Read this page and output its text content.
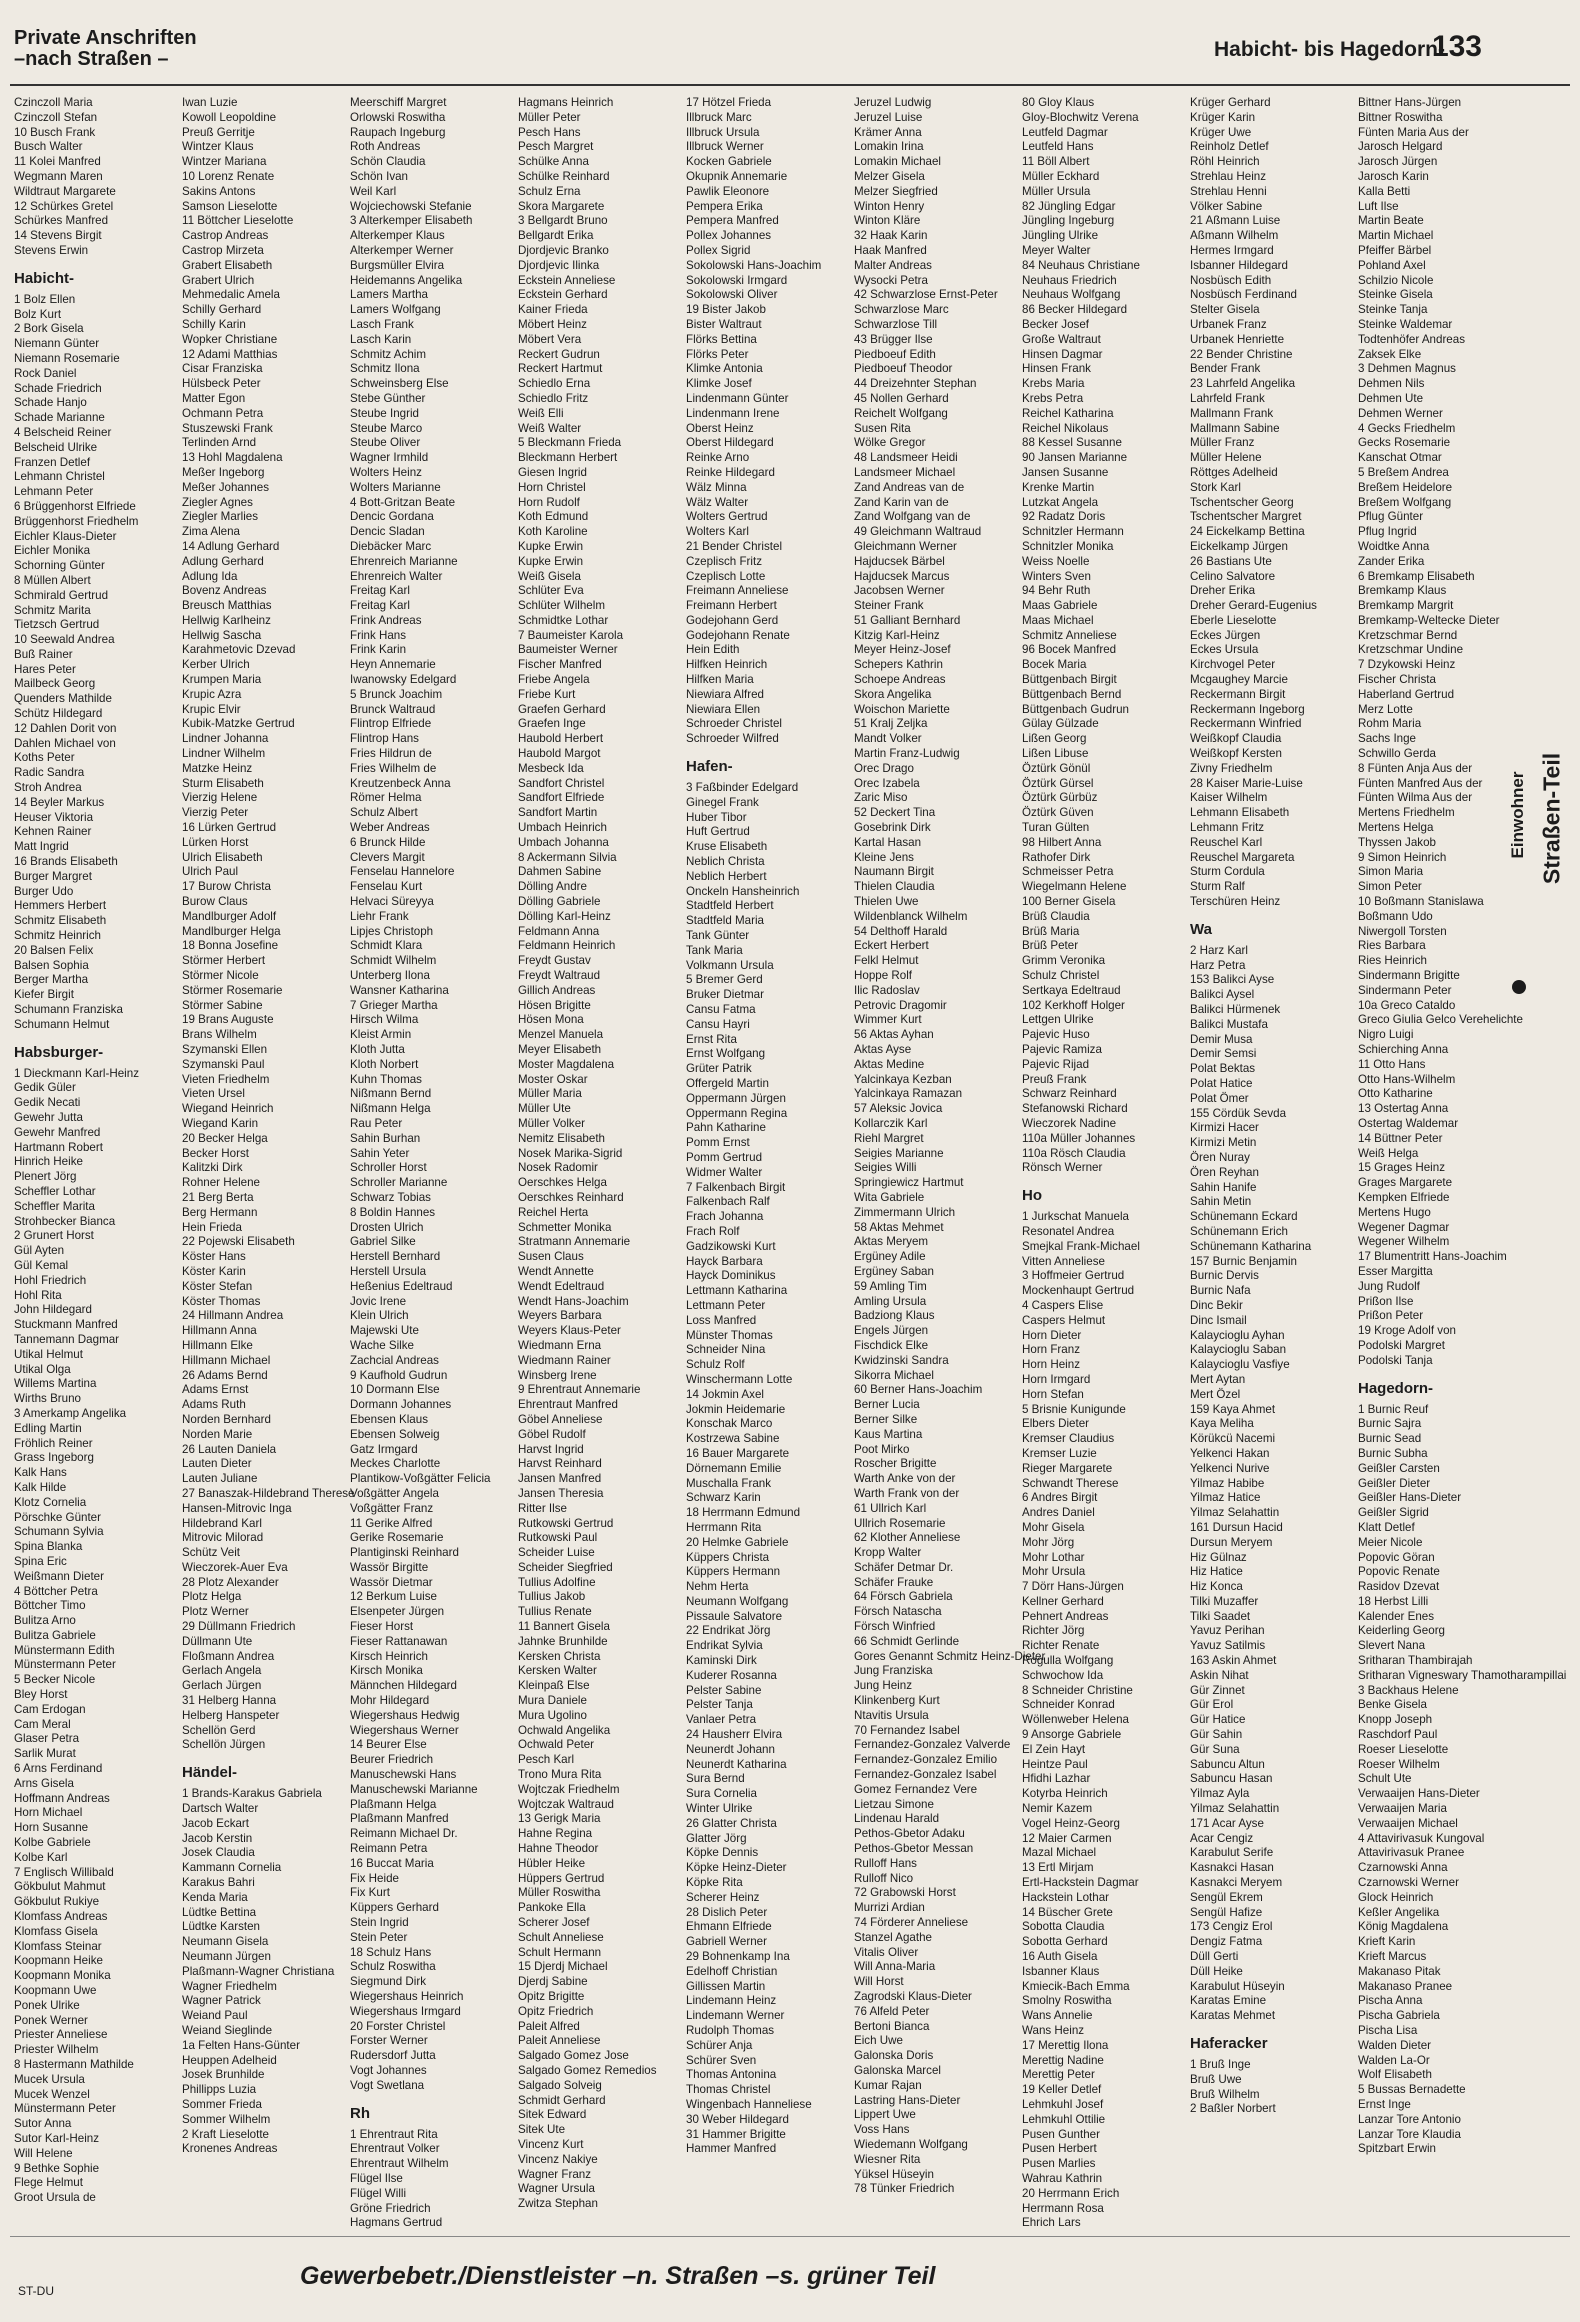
Private Anschriften
–nach Straßen –	Habicht- bis Hagedorn-
133
Czinczoll Maria
Czinczoll Stefan
10 Busch Frank
Busch Walter
11 Kolei Manfred
Wegmann Maren
Wildtraut Margarete
12 Schürkes Gretel
Schürkes Manfred
14 Stevens Birgit
Stevens Erwin
Habicht-
1 Bolz Ellen
Bolz Kurt
2 Bork Gisela
Niemann Günter
Niemann Rosemarie
Rock Daniel
Schade Friedrich
Schade Hanjo
Schade Marianne
4 Belscheid Reiner
Belscheid Ulrike
Franzen Detlef
Lehmann Christel
Lehmann Peter
6 Brüggenhorst Elfriede
Brüggenhorst Friedhelm
Eichler Klaus-Dieter
Eichler Monika
Schorning Günter
8 Müllen Albert
Schmirald Gertrud
Schmitz Marita
Tietzsch Gertrud
10 Seewald Andrea
Buß Rainer
Hares Peter
Mailbeck Georg
Quenders Mathilde
Schütz Hildegard
12 Dahlen Dorit von
Dahlen Michael von
Koths Peter
Radic Sandra
Stroh Andrea
14 Beyler Markus
Heuser Viktoria
Kehnen Rainer
Matt Ingrid
16 Brands Elisabeth
Burger Margret
Burger Udo
Hemmers Herbert
Schmitz Elisabeth
Schmitz Heinrich
20 Balsen Felix
Balsen Sophia
Berger Martha
Kiefer Birgit
Schumann Franziska
Schumann Helmut
Habsburger-
1 Dieckmann Karl-Heinz
Gedik Güler
Gedik Necati
Gewehr Jutta
Gewehr Manfred
Hartmann Robert
Hinrich Heike
Plenert Jörg
Scheffler Lothar
Scheffler Marita
Strohbecker Bianca
2 Grunert Horst
Gül Ayten
Gül Kemal
Hohl Friedrich
Hohl Rita
John Hildegard
Stuckmann Manfred
Tannemann Dagmar
Utikal Helmut
Utikal Olga
Willems Martina
Wirths Bruno
3 Amerkamp Angelika
Edling Martin
Fröhlich Reiner
Grass Ingeborg
Kalk Hans
Kalk Hilde
Klotz Cornelia
Pörschke Günter
Schumann Sylvia
Spina Blanka
Spina Eric
Weißmann Dieter
4 Böttcher Petra
Böttcher Timo
Bulitza Arno
Bulitza Gabriele
Münstermann Edith
Münstermann Peter
5 Becker Nicole
Bley Horst
Cam Erdogan
Cam Meral
Glaser Petra
Sarlik Murat
6 Arns Ferdinand
Arns Gisela
Hoffmann Andreas
Horn Michael
Horn Susanne
Kolbe Gabriele
Kolbe Karl
7 Englisch Willibald
Gökbulut Mahmut
Gökbulut Rukiye
Klomfass Andreas
Klomfass Gisela
Klomfass Steinar
Koopmann Heike
Koopmann Monika
Koopmann Uwe
Ponek Ulrike
Ponek Werner
Priester Anneliese
Priester Wilhelm
8 Hastermann Mathilde
Mucek Ursula
Mucek Wenzel
Münstermann Peter
Sutor Anna
Sutor Karl-Heinz
Will Helene
9 Bethke Sophie
Flege Helmut
Groot Ursula de
Iwan Luzie
Kowoll Leopoldine
Preuß Gerritje
Wintzer Klaus
Wintzer Mariana
10 Lorenz Renate
Sakins Antons
Samson Lieselotte
11 Böttcher Lieselotte
Castrop Andreas
Castrop Mirzeta
Grabert Elisabeth
Grabert Ulrich
Mehmedalic Amela
Schilly Gerhard
Schilly Karin
Wopker Christiane
12 Adami Matthias
Cisar Franziska
Hülsbeck Peter
Matter Egon
Ochmann Petra
Stuszewski Frank
Terlinden Arnd
13 Hohl Magdalena
Meßer Ingeborg
Meßer Johannes
Ziegler Agnes
Ziegler Marlies
Zima Alena
14 Adlung Gerhard
Adlung Gerhard
Adlung Ida
Bovenz Andreas
Breusch Matthias
Hellwig Karlheinz
Hellwig Sascha
Karahmetovic Dzevad
Kerber Ulrich
Krumpen Maria
Krupic Azra
Krupic Elvir
Kubik-Matzke Gertrud
Lindner Johanna
Lindner Wilhelm
Matzke Heinz
Sturm Elisabeth
Vierzig Helene
Vierzig Peter
16 Lürken Gertrud
Lürken Horst
Ulrich Elisabeth
Ulrich Paul
17 Burow Christa
Burow Claus
Mandlburger Adolf
Mandlburger Helga
18 Bonna Josefine
Störmer Herbert
Störmer Nicole
Störmer Rosemarie
Störmer Sabine
19 Brans Auguste
Brans Wilhelm
Szymanski Ellen
Szymanski Paul
Vieten Friedhelm
Vieten Ursel
Wiegand Heinrich
Wiegand Karin
20 Becker Helga
Becker Horst
Kalitzki Dirk
Rohner Helene
21 Berg Berta
Berg Hermann
Hein Frieda
22 Pojewski Elisabeth
Köster Hans
Köster Karin
Köster Stefan
Köster Thomas
24 Hillmann Andrea
Hillmann Anna
Hillmann Elke
Hillmann Michael
26 Adams Bernd
Adams Ernst
Adams Ruth
Norden Bernhard
Norden Marie
26 Lauten Daniela
Lauten Dieter
Lauten Juliane
27 Banaszak-Hildebrand Therese
Hansen-Mitrovic Inga
Hildebrand Karl
Mitrovic Milorad
Schütz Veit
Wieczorek-Auer Eva
28 Plotz Alexander
Plotz Helga
Plotz Werner
29 Düllmann Friedrich
Düllmann Ute
Floßmann Andrea
Gerlach Angela
Gerlach Jürgen
31 Helberg Hanna
Helberg Hanspeter
Schellön Gerd
Schellön Jürgen
Händel-
1 Brands-Karakus Gabriela
Dartsch Walter
Jacob Eckart
Jacob Kerstin
Josek Claudia
Kammann Cornelia
Karakus Bahri
Kenda Maria
Lüdtke Bettina
Lüdtke Karsten
Neumann Gisela
Neumann Jürgen
Plaßmann-Wagner Christiana
Wagner Friedhelm
Wagner Patrick
Weiand Paul
Weiand Sieglinde
1a Felten Hans-Günter
Heuppen Adelheid
Josek Brunhilde
Phillipps Luzia
Sommer Frieda
Sommer Wilhelm
2 Kraft Lieselotte
Kronenes Andreas
Meerschiff Margret
Orlowski Roswitha
Raupach Ingeburg
Roth Andreas
Schön Claudia
Schön Ivan
Weil Karl
Wojciechowski Stefanie
3 Alterkemper Elisabeth
Alterkemper Klaus
Alterkemper Werner
Burgsmüller Elvira
Heidemanns Angelika
Lamers Martha
Lamers Wolfgang
Lasch Frank
Lasch Karin
Schmitz Achim
Schmitz Ilona
Schweinsberg Else
Stebe Günther
Steube Ingrid
Steube Marco
Steube Oliver
Wagner Irmhild
Wolters Heinz
Wolters Marianne
4 Bott-Gritzan Beate
Dencic Gordana
Dencic Sladan
Diebäcker Marc
Ehrenreich Marianne
Ehrenreich Walter
Freitag Karl
Freitag Karl
Frink Andreas
Frink Hans
Frink Karin
Heyn Annemarie
Iwanowsky Edelgard
5 Brunck Joachim
Brunck Waltraud
Flintrop Elfriede
Flintrop Hans
Fries Hildrun de
Fries Wilhelm de
Kreutzenbeck Anna
Römer Helma
Schulz Albert
Weber Andreas
6 Brunck Hilde
Clevers Margit
Fenselau Hannelore
Fenselau Kurt
Helvaci Süreyya
Liehr Frank
Lipjes Christoph
Schmidt Klara
Schmidt Wilhelm
Unterberg Ilona
Wansner Katharina
7 Grieger Martha
Hirsch Wilma
Kleist Armin
Kloth Jutta
Kloth Norbert
Kuhn Thomas
Nißmann Bernd
Nißmann Helga
Rau Peter
Sahin Burhan
Sahin Yeter
Schroller Horst
Schroller Marianne
Schwarz Tobias
8 Boldin Hannes
Drosten Ulrich
Gabriel Silke
Herstell Bernhard
Herstell Ursula
Heßenius Edeltraud
Jovic Irene
Klein Ulrich
Majewski Ute
Wache Silke
Zachcial Andreas
9 Kaufhold Gudrun
10 Dormann Else
Dormann Johannes
Ebensen Klaus
Ebensen Solweig
Gatz Irmgard
Meckes Charlotte
Plantikow-Voßgätter Felicia
Voßgätter Angela
Voßgätter Franz
11 Gerike Alfred
Gerike Rosemarie
Plantiginski Reinhard
Wassör Birgitte
Wassör Dietmar
12 Berkum Luise
Elsenpeter Jürgen
Fieser Horst
Fieser Rattanawan
Kirsch Heinrich
Kirsch Monika
Männchen Hildegard
Mohr Hildegard
Wiegershaus Hedwig
Wiegershaus Werner
14 Beurer Else
Beurer Friedrich
Manuschewski Hans
Manuschewski Marianne
Plaßmann Helga
Plaßmann Manfred
Reimann Michael Dr.
Reimann Petra
16 Buccat Maria
Fix Heide
Fix Kurt
Küppers Gerhard
Stein Ingrid
Stein Peter
18 Schulz Hans
Schulz Roswitha
Siegmund Dirk
Wiegershaus Heinrich
Wiegershaus Irmgard
20 Forster Christel
Forster Werner
Rudersdorf Jutta
Vogt Johannes
Vogt Swetlana
Rh
1 Ehrentraut Rita
Ehrentraut Volker
Ehrentraut Wilhelm
Flügel Ilse
Flügel Willi
Gröne Friedrich
Hagmans Gertrud
Hagmans Heinrich
Müller Peter
Pesch Hans
Pesch Margret
Schülke Anna
Schülke Reinhard
Schulz Erna
Skora Margarete
3 Bellgardt Bruno
Bellgardt Erika
Djordjevic Branko
Djordjevic Ilinka
Eckstein Anneliese
Eckstein Gerhard
Kainer Frieda
Möbert Heinz
Möbert Vera
Reckert Gudrun
Reckert Hartmut
Schiedlo Erna
Schiedlo Fritz
Weiß Elli
Weiß Walter
5 Bleckmann Frieda
Bleckmann Herbert
Giesen Ingrid
Horn Christel
Horn Rudolf
Koth Edmund
Koth Karoline
Kupke Erwin
Kupke Erwin
Weiß Gisela
Schlüter Eva
Schlüter Wilhelm
Schmidtke Lothar
7 Baumeister Karola
Baumeister Werner
Fischer Manfred
Friebe Angela
Friebe Kurt
Graefen Gerhard
Graefen Inge
Haubold Herbert
Haubold Margot
Mesbeck Ida
Sandfort Christel
Sandfort Elfriede
Sandfort Martin
Umbach Heinrich
Umbach Johanna
8 Ackermann Silvia
Dahmen Sabine
Dölling Andre
Dölling Gabriele
Dölling Karl-Heinz
Feldmann Anna
Feldmann Heinrich
Freydt Gustav
Freydt Waltraud
Gillich Andreas
Hösen Brigitte
Hösen Mona
Menzel Manuela
Meyer Elisabeth
Moster Magdalena
Moster Oskar
Müller Maria
Müller Ute
Müller Volker
Nemitz Elisabeth
Nosek Marika-Sigrid
Nosek Radomir
Oerschkes Helga
Oerschkes Reinhard
Reichel Herta
Schmetter Monika
Stratmann Annemarie
Susen Claus
Wendt Annette
Wendt Edeltraud
Wendt Hans-Joachim
Weyers Barbara
Weyers Klaus-Peter
Wiedmann Erna
Wiedmann Rainer
Winsberg Irene
9 Ehrentraut Annemarie
Ehrentraut Manfred
Göbel Anneliese
Göbel Rudolf
Harvst Ingrid
Harvst Reinhard
Jansen Manfred
Jansen Theresia
Ritter Ilse
Rutkowski Gertrud
Rutkowski Paul
Scheider Luise
Scheider Siegfried
Tullius Adolfine
Tullius Jakob
Tullius Renate
11 Bannert Gisela
Jahnke Brunhilde
Kersken Christa
Kersken Walter
Kleinpaß Else
Mura Daniele
Mura Ugolino
Ochwald Angelika
Ochwald Peter
Pesch Karl
Trono Mura Rita
Wojtczak Friedhelm
Wojtczak Waltraud
13 Gerigk Maria
Hahne Regina
Hahne Theodor
Hübler Heike
Hüppers Gertrud
Müller Roswitha
Pankoke Ella
Scherer Josef
Schult Anneliese
Schult Hermann
15 Djerdj Michael
Djerdj Sabine
Opitz Brigitte
Opitz Friedrich
Paleit Alfred
Paleit Anneliese
Salgado Gomez Jose
Salgado Gomez Remedios
Salgado Solveig
Schmidt Gerhard
Sitek Edward
Sitek Ute
Vincenz Kurt
Vincenz Nakiye
Wagner Franz
Wagner Ursula
Zwitza Stephan
17 Hötzel Frieda
Illbruck Marc
Illbruck Ursula
Illbruck Werner
Kocken Gabriele
Okupnik Annemarie
Pawlik Eleonore
Pempera Erika
Pempera Manfred
Pollex Johannes
Pollex Sigrid
Sokolowski Hans-Joachim
Sokolowski Irmgard
Sokolowski Oliver
19 Bister Jakob
Bister Waltraut
Flörks Bettina
Flörks Peter
Klimke Antonia
Klimke Josef
Lindenmann Günter
Lindenmann Irene
Oberst Heinz
Oberst Hildegard
Reinke Arno
Reinke Hildegard
Wälz Minna
Wälz Walter
Wolters Gertrud
Wolters Karl
21 Bender Christel
Czeplisch Fritz
Czeplisch Lotte
Freimann Anneliese
Freimann Herbert
Godejohann Gerd
Godejohann Renate
Hein Edith
Hilfken Heinrich
Hilfken Maria
Niewiara Alfred
Niewiara Ellen
Schroeder Christel
Schroeder Wilfred
Hafen-
3 Faßbinder Edelgard
Ginegel Frank
Huber Tibor
Huft Gertrud
Kruse Elisabeth
Neblich Christa
Neblich Herbert
Onckeln Hansheinrich
Stadtfeld Herbert
Stadtfeld Maria
Tank Günter
Tank Maria
Volkmann Ursula
5 Bremer Gerd
Bruker Dietmar
Cansu Fatma
Cansu Hayri
Ernst Rita
Ernst Wolfgang
Grüter Patrik
Offergeld Martin
Oppermann Jürgen
Oppermann Regina
Pahn Katharine
Pomm Ernst
Pomm Gertrud
Widmer Walter
7 Falkenbach Birgit
Falkenbach Ralf
Frach Johanna
Frach Rolf
Gadzikowski Kurt
Hayck Barbara
Hayck Dominikus
Lettmann Katharina
Lettmann Peter
Loss Manfred
Münster Thomas
Schneider Nina
Schulz Rolf
Winschermann Lotte
14 Jokmin Axel
Jokmin Heidemarie
Konschak Marco
Kostrzewa Sabine
16 Bauer Margarete
Dörnemann Emilie
Muschalla Frank
Schwarz Karin
18 Herrmann Edmund
Herrmann Rita
20 Helmke Gabriele
Küppers Christa
Küppers Hermann
Nehm Herta
Neumann Wolfgang
Pissaule Salvatore
22 Endrikat Jörg
Endrikat Sylvia
Kaminski Dirk
Kuderer Rosanna
Pelster Sabine
Pelster Tanja
Vanlaer Petra
24 Hausherr Elvira
Neunerdt Johann
Neunerdt Katharina
Sura Bernd
Sura Cornelia
Winter Ulrike
26 Glatter Christa
Glatter Jörg
Köpke Dennis
Köpke Heinz-Dieter
Köpke Rita
Scherer Heinz
28 Dislich Peter
Ehmann Elfriede
Gabriell Werner
29 Bohnenkamp Ina
Edelhoff Christian
Gillissen Martin
Lindemann Heinz
Lindemann Werner
Rudolph Thomas
Schürer Anja
Schürer Sven
Thomas Antonina
Thomas Christel
Wingenbach Hanneliese
30 Weber Hildegard
31 Hammer Brigitte
Hammer Manfred
Jeruzel Ludwig
Jeruzel Luise
Krämer Anna
Lomakin Irina
Lomakin Michael
Melzer Gisela
Melzer Siegfried
Winton Henry
Winton Kläre
32 Haak Karin
Haak Manfred
Malter Andreas
Wysocki Petra
42 Schwarzlose Ernst-Peter
Schwarzlose Marc
Schwarzlose Till
43 Brügger Ilse
Piedboeuf Edith
Piedboeuf Theodor
44 Dreizehnter Stephan
45 Nollen Gerhard
Reichelt Wolfgang
Susen Rita
Wölke Gregor
48 Landsmeer Heidi
Landsmeer Michael
Zand Andreas van de
Zand Karin van de
Zand Wolfgang van de
49 Gleichmann Waltraud
Gleichmann Werner
Hajducsek Bärbel
Hajducsek Marcus
Jacobsen Werner
Steiner Frank
51 Galliant Bernhard
Kitzig Karl-Heinz
Meyer Heinz-Josef
Schepers Kathrin
Schoepe Andreas
Skora Angelika
Woischon Mariette
51 Kralj Zeljka
Mandt Volker
Martin Franz-Ludwig
Orec Drago
Orec Izabela
Zaric Miso
52 Deckert Tina
Gosebrink Dirk
Kartal Hasan
Kleine Jens
Naumann Birgit
Thielen Claudia
Thielen Uwe
Wildenblanck Wilhelm
54 Delthoff Harald
Eckert Herbert
Felkl Helmut
Hoppe Rolf
Ilic Radoslav
Petrovic Dragomir
Wimmer Kurt
56 Aktas Ayhan
Aktas Ayse
Aktas Medine
Yalcinkaya Kezban
Yalcinkaya Ramazan
57 Aleksic Jovica
Kollarczik Karl
Riehl Margret
Seigies Marianne
Seigies Willi
Springiewicz Hartmut
Wita Gabriele
Zimmermann Ulrich
58 Aktas Mehmet
Aktas Meryem
Ergüney Adile
Ergüney Saban
59 Amling Tim
Amling Ursula
Badziong Klaus
Engels Jürgen
Fischdick Elke
Kwidzinski Sandra
Sikorra Michael
60 Berner Hans-Joachim
Berner Lucia
Berner Silke
Kaus Martina
Poot Mirko
Roscher Brigitte
Warth Anke von der
Warth Frank von der
61 Ullrich Karl
Ullrich Rosemarie
62 Klother Anneliese
Kropp Walter
Schäfer Detmar Dr.
Schäfer Frauke
64 Försch Gabriela
Försch Natascha
Försch Winfried
66 Schmidt Gerlinde
Gores Genannt Schmitz Heinz-Dieter
Jung Franziska
Jung Heinz
Klinkenberg Kurt
Ntavitis Ursula
70 Fernandez Isabel
Fernandez-Gonzalez Valverde
Fernandez-Gonzalez Emilio
Fernandez-Gonzalez Isabel
Gomez Fernandez Vere
Lietzau Simone
Lindenau Harald
Pethos-Gbetor Adaku
Pethos-Gbetor Messan
Rulloff Hans
Rulloff Nico
72 Grabowski Horst
Murrizi Ardian
74 Förderer Anneliese
Stanzel Agathe
Vitalis Oliver
Will Anna-Maria
Will Horst
Zagrodski Klaus-Dieter
76 Alfeld Peter
Bertoni Bianca
Eich Uwe
Galonska Doris
Galonska Marcel
Kumar Rajan
Lastring Hans-Dieter
Lippert Uwe
Voss Hans
Wiedemann Wolfgang
Wiesner Rita
Yüksel Hüseyin
78 Tünker Friedrich
80 Gloy Klaus
Gloy-Blochwitz Verena
Leutfeld Dagmar
Leutfeld Hans
11 Böll Albert
Müller Eckhard
Müller Ursula
82 Jüngling Edgar
Jüngling Ingeburg
Jüngling Ulrike
Meyer Walter
84 Neuhaus Christiane
Neuhaus Friedrich
Neuhaus Wolfgang
86 Becker Hildegard
Becker Josef
Große Waltraut
Hinsen Dagmar
Hinsen Frank
Krebs Maria
Krebs Petra
Reichel Katharina
Reichel Nikolaus
88 Kessel Susanne
90 Jansen Marianne
Jansen Susanne
Krenke Martin
Lutzkat Angela
92 Radatz Doris
Schnitzler Hermann
Schnitzler Monika
Weiss Noelle
Winters Sven
94 Behr Ruth
Maas Gabriele
Maas Michael
Schmitz Anneliese
96 Bocek Manfred
Bocek Maria
Büttgenbach Birgit
Büttgenbach Bernd
Büttgenbach Gudrun
Gülay Gülzade
Lißen Georg
Lißen Libuse
Öztürk Gönül
Öztürk Gürsel
Öztürk Gürbüz
Öztürk Güven
Turan Gülten
98 Hilbert Anna
Rathofer Dirk
Schmeisser Petra
Wiegelmann Helene
100 Berner Gisela
Brüß Claudia
Brüß Maria
Brüß Peter
Grimm Veronika
Schulz Christel
Sertkaya Edeltraud
102 Kerkhoff Holger
Lettgen Ulrike
Pajevic Huso
Pajevic Ramiza
Pajevic Rijad
Preuß Frank
Schwarz Reinhard
Stefanowski Richard
Wieczorek Nadine
110a Müller Johannes
110a Rösch Claudia
Rönsch Werner
Ho
1 Jurkschat Manuela
Resonatel Andrea
Smejkal Frank-Michael
Vitten Anneliese
3 Hoffmeier Gertrud
Mockenhaupt Gertrud
4 Caspers Elise
Caspers Helmut
Horn Dieter
Horn Franz
Horn Heinz
Horn Irmgard
Horn Stefan
5 Brisnie Kunigunde
Elbers Dieter
Kremser Claudius
Kremser Luzie
Rieger Margarete
Schwandt Therese
6 Andres Birgit
Andres Daniel
Mohr Gisela
Mohr Jörg
Mohr Lothar
Mohr Ursula
7 Dörr Hans-Jürgen
Kellner Gerhard
Pehnert Andreas
Richter Jörg
Richter Renate
Rogulla Wolfgang
Schwochow Ida
8 Schneider Christine
Schneider Konrad
Wöllenweber Helena
9 Ansorge Gabriele
El Zein Hayt
Heintze Paul
Hfidhi Lazhar
Kotyrba Heinrich
Nemir Kazem
Vogel Heinz-Georg
12 Maier Carmen
Mazal Michael
13 Ertl Mirjam
Ertl-Hackstein Dagmar
Hackstein Lothar
14 Büscher Grete
Sobotta Claudia
Sobotta Gerhard
16 Auth Gisela
Isbanner Klaus
Kmiecik-Bach Emma
Smolny Roswitha
Wans Annelie
Wans Heinz
17 Merettig Ilona
Merettig Nadine
Merettig Peter
19 Keller Detlef
Lehmkuhl Josef
Lehmkuhl Ottilie
Pusen Gunther
Pusen Herbert
Pusen Marlies
Wahrau Kathrin
20 Herrmann Erich
Herrmann Rosa
Ehrich Lars
Krüger Gerhard
Krüger Karin
Krüger Uwe
Reinholz Detlef
Röhl Heinrich
Strehlau Heinz
Strehlau Henni
Völker Sabine
21 Aßmann Luise
Aßmann Wilhelm
Hermes Irmgard
Isbanner Hildegard
Nosbüsch Edith
Nosbüsch Ferdinand
Stelter Gisela
Urbanek Franz
Urbanek Henriette
22 Bender Christine
Bender Frank
23 Lahrfeld Angelika
Lahrfeld Frank
Mallmann Frank
Mallmann Sabine
Müller Franz
Müller Helene
Röttges Adelheid
Stork Karl
Tschentscher Georg
Tschentscher Margret
24 Eickelkamp Bettina
Eickelkamp Jürgen
26 Bastians Ute
Celino Salvatore
Dreher Erika
Dreher Gerard-Eugenius
Eberle Lieselotte
Eckes Jürgen
Eckes Ursula
Kirchvogel Peter
Mcgaughey Marcie
Reckermann Birgit
Reckermann Ingeborg
Reckermann Winfried
Weißkopf Claudia
Weißkopf Kersten
Zivny Friedhelm
28 Kaiser Marie-Luise
Kaiser Wilhelm
Lehmann Elisabeth
Lehmann Fritz
Reuschel Karl
Reuschel Margareta
Sturm Cordula
Sturm Ralf
Terschüren Heinz
Wa
2 Harz Karl
Harz Petra
153 Balikci Ayse
Balikci Aysel
Balikci Hürmenek
Balikci Mustafa
Demir Musa
Demir Semsi
Polat Bektas
Polat Hatice
Polat Ömer
155 Cördük Sevda
Kirmizi Hacer
Kirmizi Metin
Ören Nuray
Ören Reyhan
Sahin Hanife
Sahin Metin
Schünemann Eckard
Schünemann Erich
Schünemann Katharina
157 Burnic Benjamin
Burnic Dervis
Burnic Nafa
Dinc Bekir
Dinc Ismail
Kalaycioglu Ayhan
Kalaycioglu Saban
Kalaycioglu Vasfiye
Mert Aytan
Mert Özel
159 Kaya Ahmet
Kaya Meliha
Körükcü Nacemi
Yelkenci Hakan
Yelkenci Nurive
Yilmaz Habibe
Yilmaz Hatice
Yilmaz Selahattin
161 Dursun Hacid
Dursun Meryem
Hiz Gülnaz
Hiz Hatice
Hiz Konca
Tilki Muzaffer
Tilki Saadet
Yavuz Perihan
Yavuz Satilmis
163 Askin Ahmet
Askin Nihat
Gür Zinnet
Gür Erol
Gür Hatice
Gür Sahin
Gür Suna
Sabuncu Altun
Sabuncu Hasan
Yilmaz Ayla
Yilmaz Selahattin
171 Acar Ayse
Acar Cengiz
Karabulut Serife
Kasnakci Hasan
Kasnakci Meryem
Sengül Ekrem
Sengül Hafize
173 Cengiz Erol
Dengiz Fatma
Düll Gerti
Düll Heike
Karabulut Hüseyin
Karatas Emine
Karatas Mehmet
Haferacker
1 Bruß Inge
Bruß Uwe
Bruß Wilhelm
2 Baßler Norbert
Bittner Hans-Jürgen
Bittner Roswitha
Fünten Maria Aus der
Jarosch Helgard
Jarosch Jürgen
Jarosch Karin
Kalla Betti
Luft Ilse
Martin Beate
Martin Michael
Pfeiffer Bärbel
Pohland Axel
Schilzio Nicole
Steinke Gisela
Steinke Tanja
Steinke Waldemar
Todtenhöfer Andreas
Zaksek Elke
3 Dehmen Magnus
Dehmen Nils
Dehmen Ute
Dehmen Werner
4 Gecks Friedhelm
Gecks Rosemarie
Kanschat Otmar
5 Breßem Andrea
Breßem Heidelore
Breßem Wolfgang
Pflug Günter
Pflug Ingrid
Woidtke Anna
Zander Erika
6 Bremkamp Elisabeth
Bremkamp Klaus
Bremkamp Margrit
Bremkamp-Weltecke Dieter
Kretzschmar Bernd
Kretzschmar Undine
7 Dzykowski Heinz
Fischer Christa
Haberland Gertrud
Merz Lotte
Rohm Maria
Sachs Inge
Schwillo Gerda
8 Fünten Anja Aus der
Fünten Manfred Aus der
Fünten Wilma Aus der
Mertens Friedhelm
Mertens Helga
Thyssen Jakob
9 Simon Heinrich
Simon Maria
Simon Peter
10 Boßmann Stanislawa
Boßmann Udo
Niwergoll Torsten
Ries Barbara
Ries Heinrich
Sindermann Brigitte
Sindermann Peter
10a Greco Cataldo
Greco Giulia Gelco Verehelichte
Nigro Luigi
Schierching Anna
11 Otto Hans
Otto Hans-Wilhelm
Otto Katharine
13 Ostertag Anna
Ostertag Waldemar
14 Büttner Peter
Weiß Helga
15 Grages Heinz
Grages Margarete
Kempken Elfriede
Mertens Hugo
Wegener Dagmar
Wegener Wilhelm
17 Blumentritt Hans-Joachim
Esser Margitta
Jung Rudolf
Prißon Ilse
Prißon Peter
19 Kroge Adolf von
Podolski Margret
Podolski Tanja
Hagedorn-
1 Burnic Reuf
Burnic Sajra
Burnic Sead
Burnic Subha
Geißler Carsten
Geißler Dieter
Geißler Hans-Dieter
Geißler Sigrid
Klatt Detlef
Meier Nicole
Popovic Göran
Popovic Renate
Rasidov Dzevat
18 Herbst Lilli
Kalender Enes
Keiderling Georg
Slevert Nana
Sritharan Thambirajah
Sritharan Vigneswary Thamotharampillai
3 Backhaus Helene
Benke Gisela
Knopp Joseph
Raschdorf Paul
Roeser Lieselotte
Roeser Wilhelm
Schult Ute
Verwaaijen Hans-Dieter
Verwaaijen Maria
Verwaaijen Michael
4 Attavirivasuk Kungoval
Attavirivasuk Pranee
Czarnowski Anna
Czarnowski Werner
Glock Heinrich
Keßler Angelika
König Magdalena
Krieft Karin
Krieft Marcus
Makanaso Pitak
Makanaso Pranee
Pischa Anna
Pischa Gabriela
Pischa Lisa
Walden Dieter
Walden La-Or
Wolf Elisabeth
5 Bussas Bernadette
Ernst Inge
Lanzar Tore Antonio
Lanzar Tore Klaudia
Spitzbart Erwin
Einwohner Straßen-Teil
ST-DU
Gewerbebetr./Dienstleister –n. Straßen –s. grüner Teil
